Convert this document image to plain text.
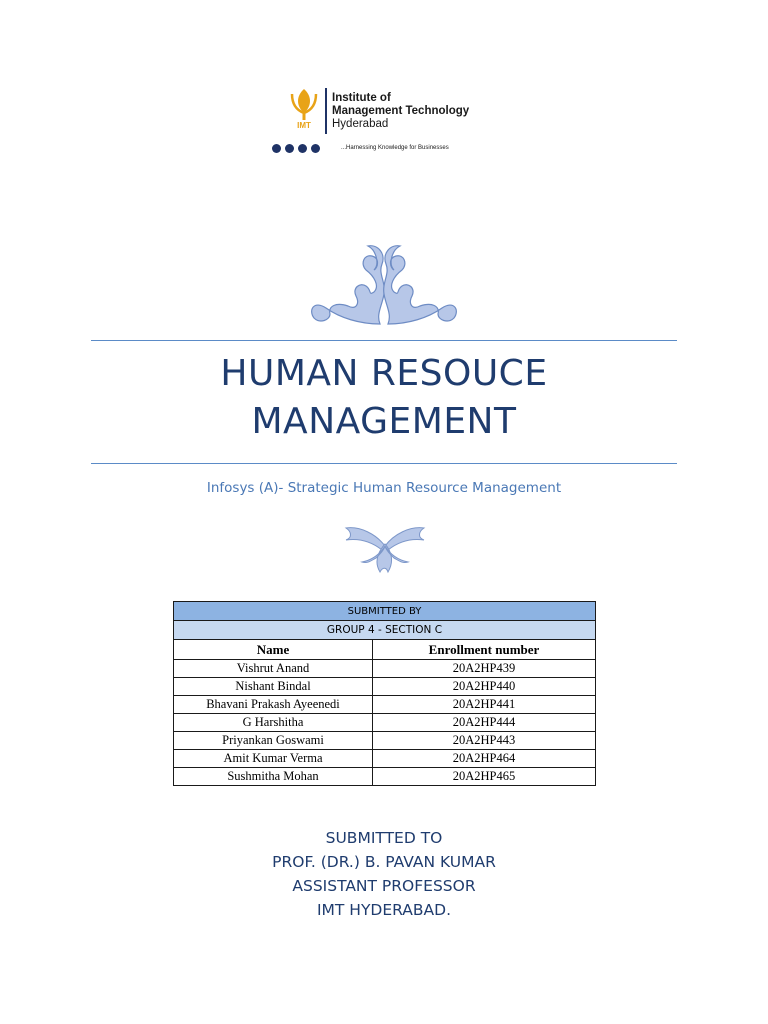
IMT
Institute of
Management Technology
Hyderabad
...Harnessing Knowledge for Businesses
HUMAN RESOUCE
MANAGEMENT
Infosys (A)- Strategic Human Resource Management
SUBMITTED BY	
GROUP 4 - SECTION C	
Name	Enrollment number
Vishrut Anand	20A2HP439
Nishant Bindal	20A2HP440
Bhavani Prakash Ayeenedi	20A2HP441
G Harshitha	20A2HP444
Priyankan Goswami	20A2HP443
Amit Kumar Verma	20A2HP464
Sushmitha Mohan	20A2HP465
SUBMITTED TO
PROF. (DR.) B. PAVAN KUMAR
ASSISTANT PROFESSOR
IMT HYDERABAD.
